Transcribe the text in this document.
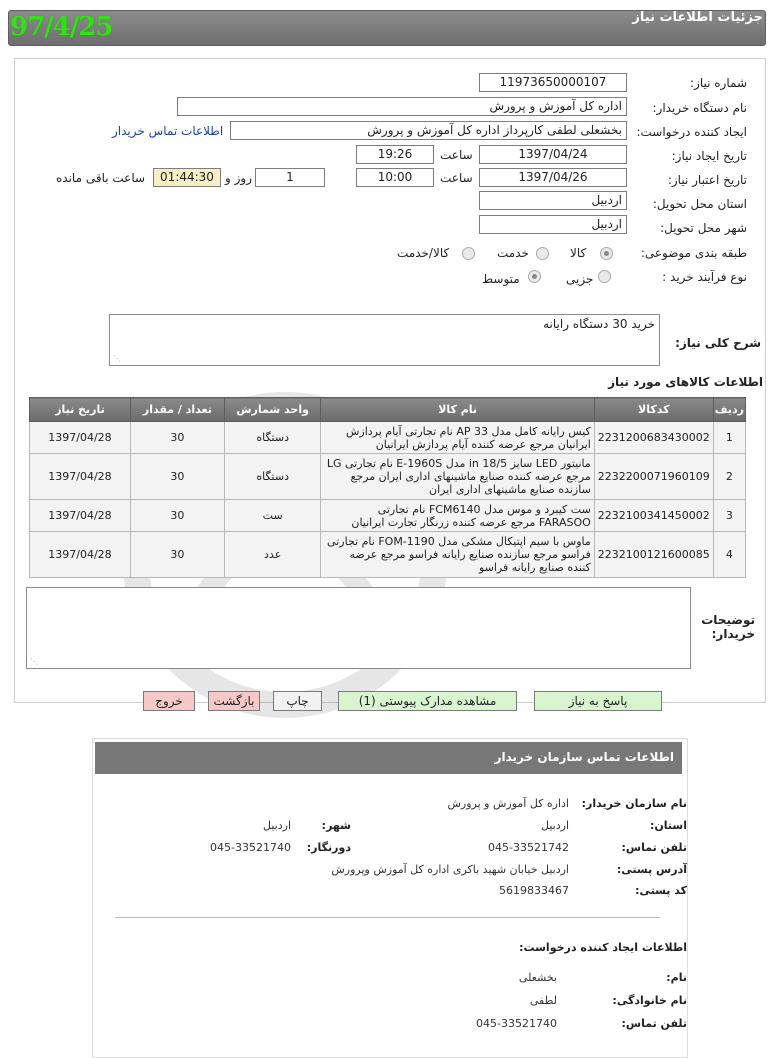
جزئیات اطلاعات نیاز
97/4/25
شماره نیاز:
11973650000107
نام دستگاه خریدار:
اداره کل آموزش و پرورش
ایجاد کننده درخواست:
بخشعلی لطفی کارپرداز اداره کل آموزش و پرورش
اطلاعات تماس خریدار
تاریخ ایجاد نیاز:
1397/04/24
ساعت
19:26
تاریخ اعتبار نیاز:
1397/04/26
ساعت
10:00
1
روز و
01:44:30
ساعت باقی مانده
استان محل تحویل:
اردبیل
شهر محل تحویل:
اردبیل
طبقه بندی موضوعی:
کالا
خدمت
کالا/خدمت
نوع فرآیند خرید :
جزیی
متوسط
شرح کلی نیاز:
خرید 30 دستگاه رایانه
⋰
اطلاعات کالاهای مورد نیاز
ردیف	کدکالا	نام کالا	واحد شمارش	تعداد / مقدار	تاریخ نیاز
1	2231200683430002	کیس رایانه کامل مدل AP 33 نام تجارتی آیام پردازش ایرانیان مرجع عرضه کننده آیام پردازش ایرانیان	دستگاه	30	1397/04/28
2	2232200071960109	مانیتور LED سایز 18/5 in مدل E-1960S نام تجارتی LG مرجع عرضه کننده صنایع ماشینهای اداری ایران مرجع سازنده صنایع ماشینهای اداری ایران	دستگاه	30	1397/04/28
3	2232100341450002	ست کیبرد و موس مدل FCM6140 نام تجارتی FARASOO مرجع عرضه کننده زرنگار تجارت ایرانیان	ست	30	1397/04/28
4	2232100121600085	ماوس با سیم اپتیکال مشکی مدل FOM-1190 نام تجارتی فراسو مرجع سازنده صنایع رایانه فراسو مرجع عرضه کننده صنایع رایانه فراسو	عدد	30	1397/04/28
توضیحات خریدار:
⋰
پاسخ به نیاز
مشاهده مدارک پیوستی (1)
چاپ
بازگشت
خروج
اطلاعات تماس سازمان خریدار
نام سازمان خریدار:
اداره کل آموزش و پرورش
استان:
اردبیل
شهر:
اردبیل
تلفن تماس:
045-33521742
دورنگار:
045-33521740
آدرس پستی:
اردبیل خیابان شهید باکری اداره کل آموزش وپرورش
کد پستی:
5619833467
اطلاعات ایجاد کننده درخواست:
نام:
بخشعلی
نام خانوادگی:
لطفی
تلفن تماس:
045-33521740
